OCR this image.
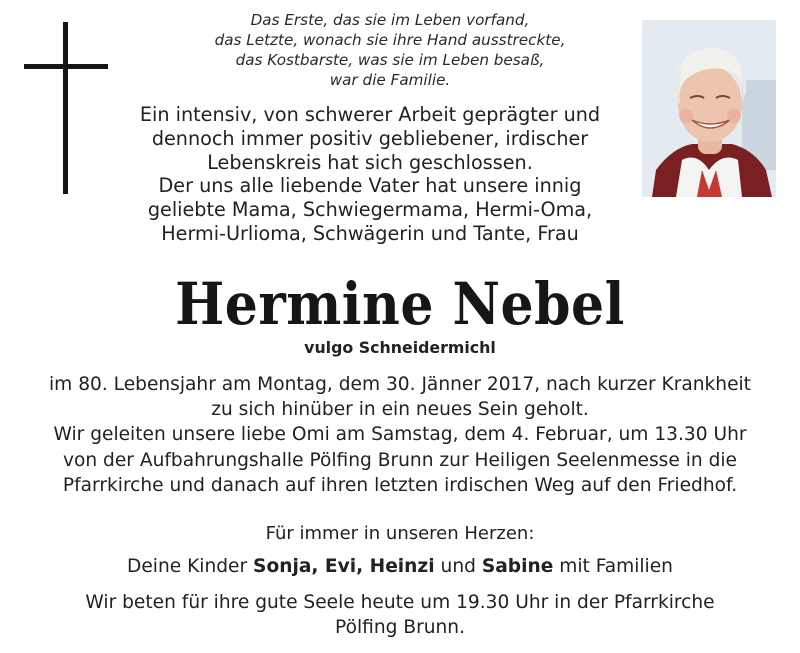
Das Erste, das sie im Leben vorfand,
das Letzte, wonach sie ihre Hand ausstreckte,
das Kostbarste, was sie im Leben besaß,
war die Familie.
Ein intensiv, von schwerer Arbeit geprägter und
dennoch immer positiv gebliebener, irdischer
Lebenskreis hat sich geschlossen.
Der uns alle liebende Vater hat unsere innig
geliebte Mama, Schwiegermama, Hermi-Oma,
Hermi-Urlioma, Schwägerin und Tante, Frau
Hermine Nebel
vulgo Schneidermichl
im 80. Lebensjahr am Montag, dem 30. Jänner 2017, nach kurzer Krankheit
zu sich hinüber in ein neues Sein geholt.
Wir geleiten unsere liebe Omi am Samstag, dem 4. Februar, um 13.30 Uhr
von der Aufbahrungshalle Pölfing Brunn zur Heiligen Seelenmesse in die
Pfarrkirche und danach auf ihren letzten irdischen Weg auf den Friedhof.
Für immer in unseren Herzen:
Deine Kinder Sonja, Evi, Heinzi und Sabine mit Familien
Wir beten für ihre gute Seele heute um 19.30 Uhr in der Pfarrkirche
Pölfing Brunn.
